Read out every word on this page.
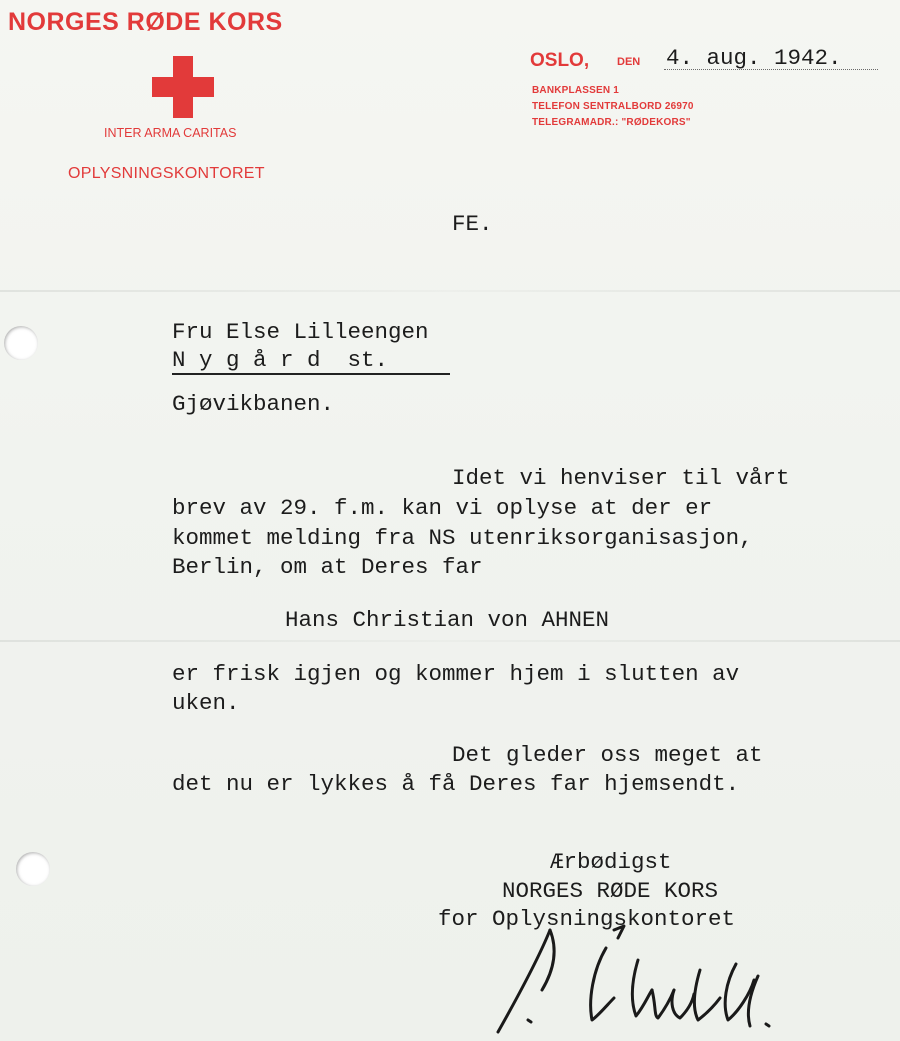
NORGES RØDE KORS
INTER ARMA CARITAS
OPLYSNINGSKONTORET
OSLO,	DEN 4. aug. 1942.
BANKPLASSEN 1
TELEFON SENTRALBORD 26970
TELEGRAMADR.: "RØDEKORS"
FE.
Fru Else Lilleengen
N y g å r d  st.
Gjøvikbanen.
Idet vi henviser til vårt
brev av 29. f.m. kan vi oplyse at der er
kommet melding fra NS utenriksorganisasjon,
Berlin, om at Deres far
Hans Christian von AHNEN
er frisk igjen og kommer hjem i slutten av
uken.
Det gleder oss meget at
det nu er lykkes å få Deres far hjemsendt.
Ærbødigst
NORGES RØDE KORS
for Oplysningskontoret
